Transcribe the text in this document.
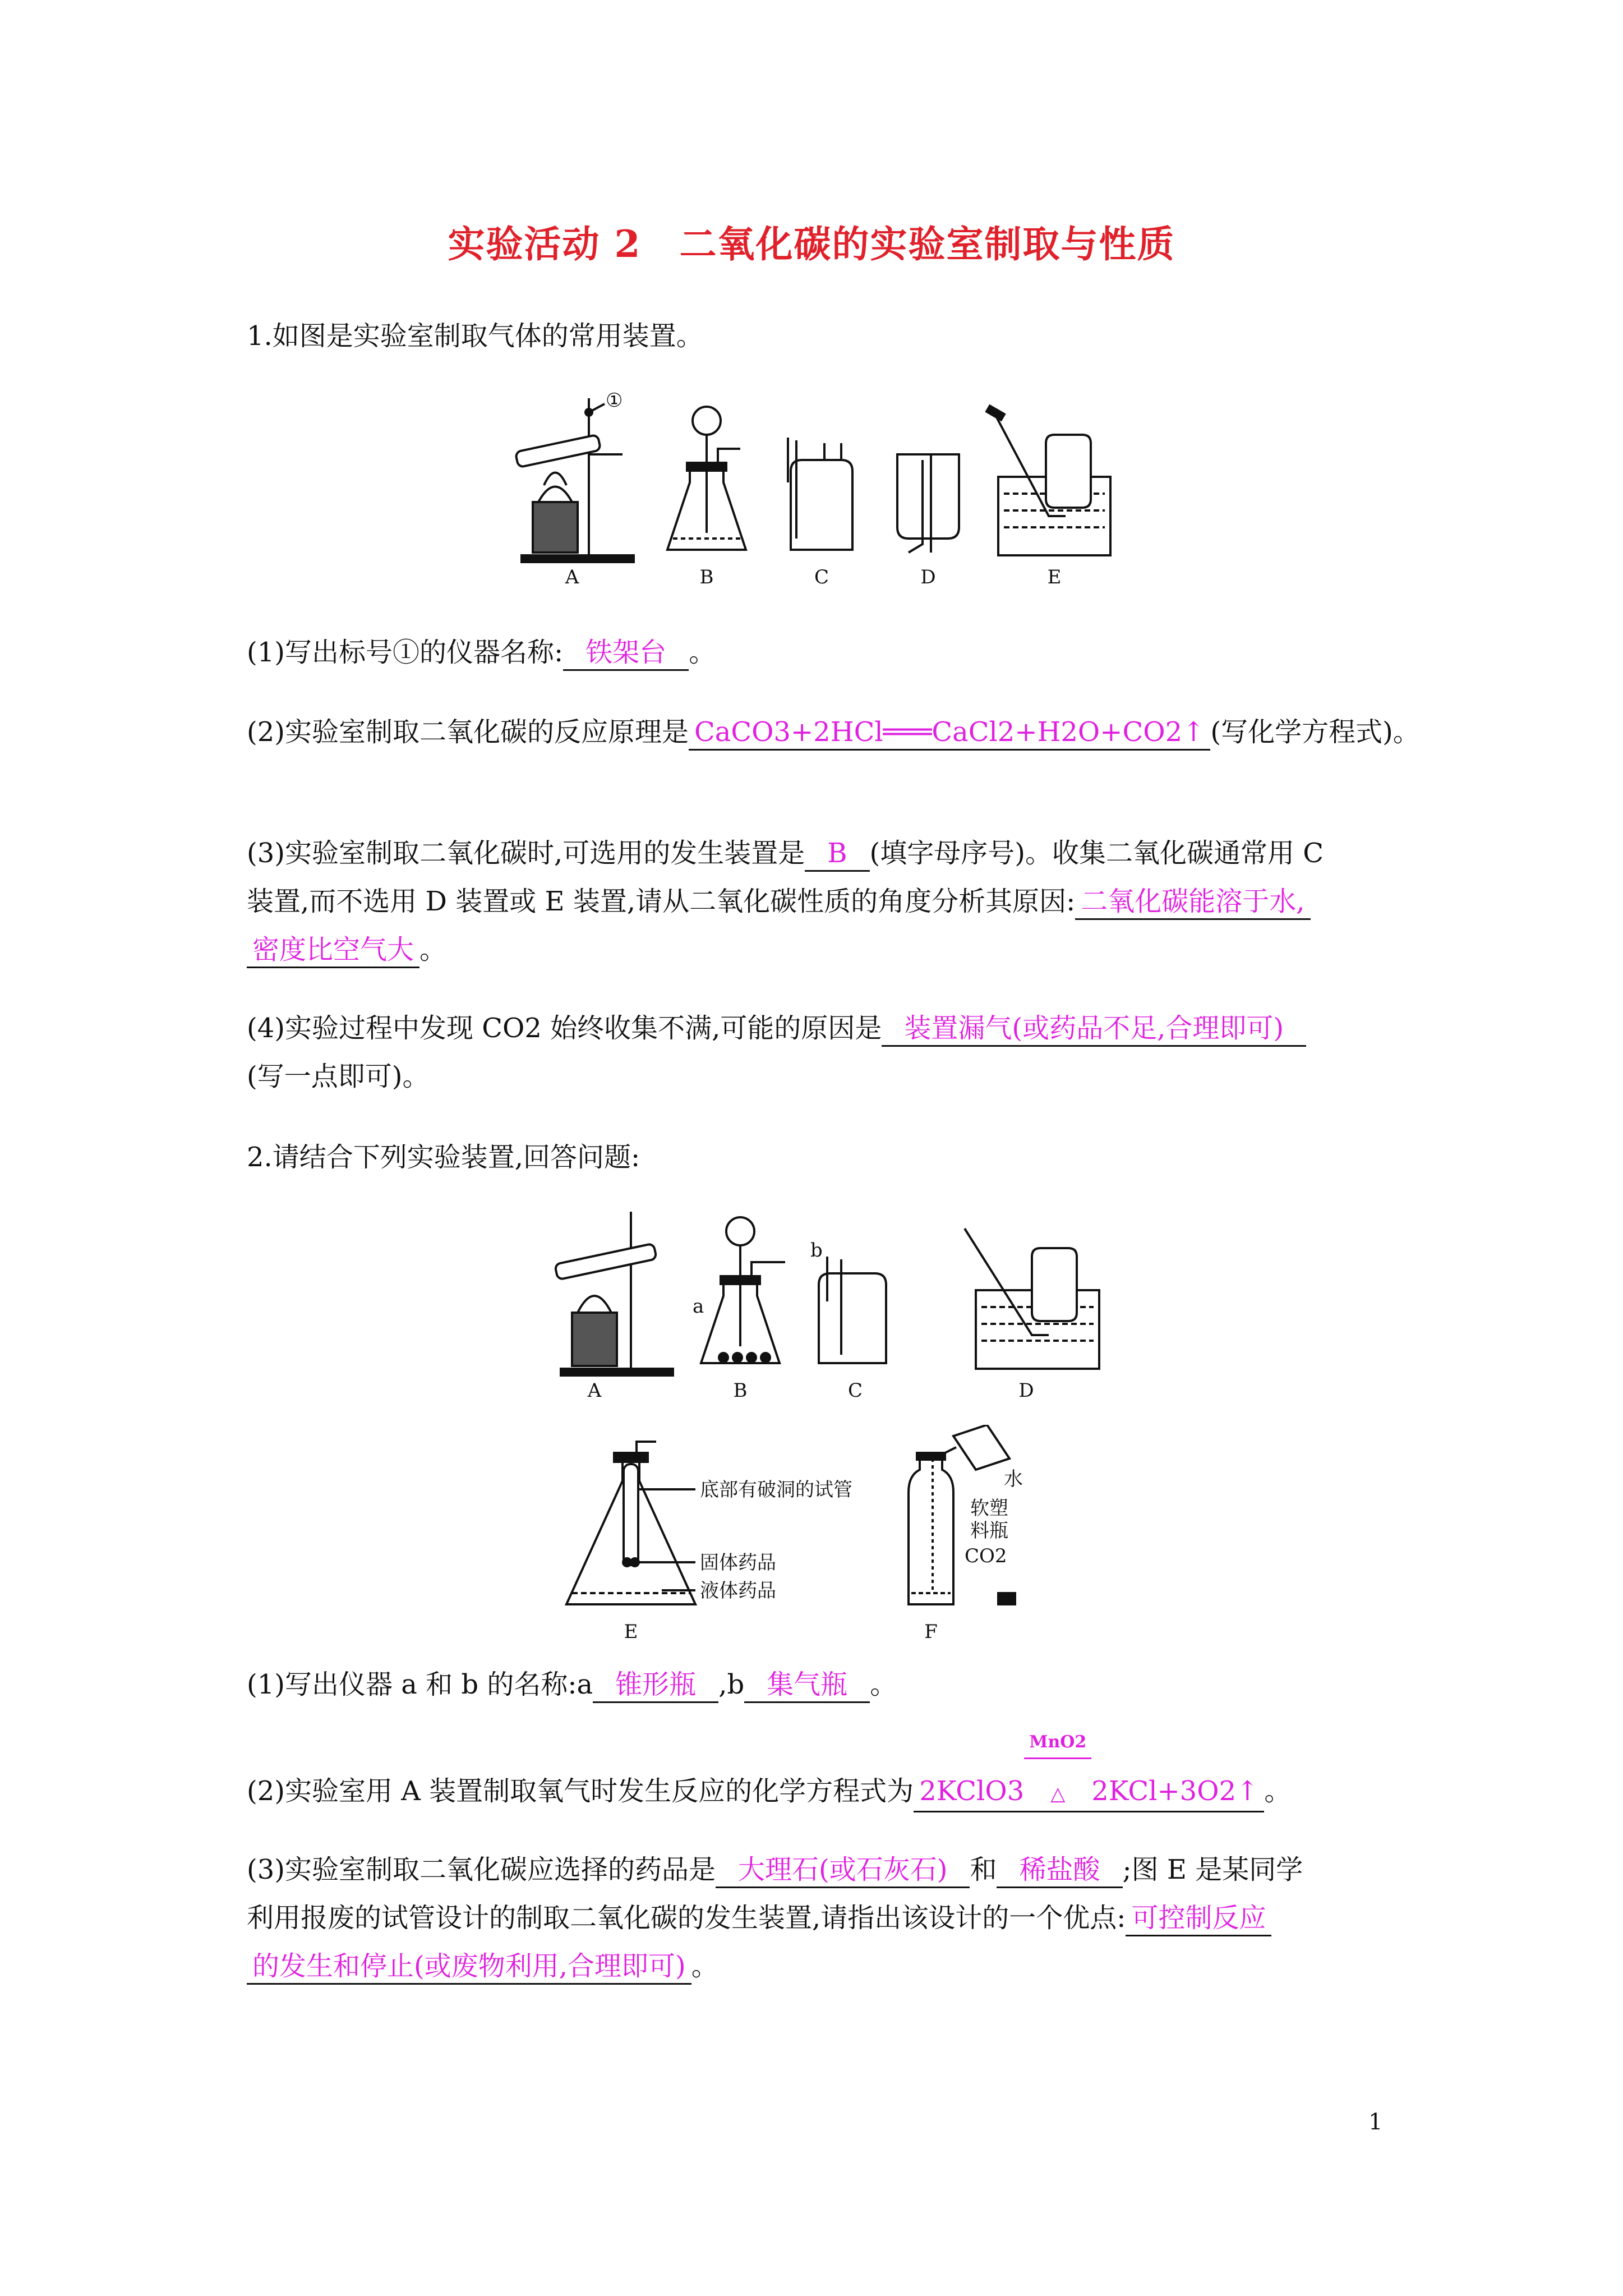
实验活动 2　二氧化碳的实验室制取与性质
1.如图是实验室制取气体的常用装置。
①
A	B	C	D	E
(1)写出标号①的仪器名称: 铁架台 。
(2)实验室制取二氧化碳的反应原理是 CaCO3+2HCl═══CaCl2+H2O+CO2↑ (写化学方程式)。
(3)实验室制取二氧化碳时,可选用的发生装置是 B (填字母序号)。收集二氧化碳通常用 C
装置,而不选用 D 装置或 E 装置,请从二氧化碳性质的角度分析其原因: 二氧化碳能溶于水,
密度比空气大 。
(4)实验过程中发现 CO2 始终收集不满,可能的原因是 装置漏气(或药品不足,合理即可)
(写一点即可)。
2.请结合下列实验装置,回答问题:
a
b
A	B	C	D
底部有破洞的试管
固体药品
液体药品
水
软塑
料瓶
CO2
E	F
(1)写出仪器 a 和 b 的名称:a 锥形瓶 ,b 集气瓶 。
(2)实验室用 A 装置制取氧气时发生反应的化学方程式为 2KClO3
MnO2
△ 2KCl+3O2↑ 。
(3)实验室制取二氧化碳应选择的药品是 大理石(或石灰石) 和 稀盐酸 ;图 E 是某同学
利用报废的试管设计的制取二氧化碳的发生装置,请指出该设计的一个优点: 可控制反应
的发生和停止(或废物利用,合理即可) 。
1
